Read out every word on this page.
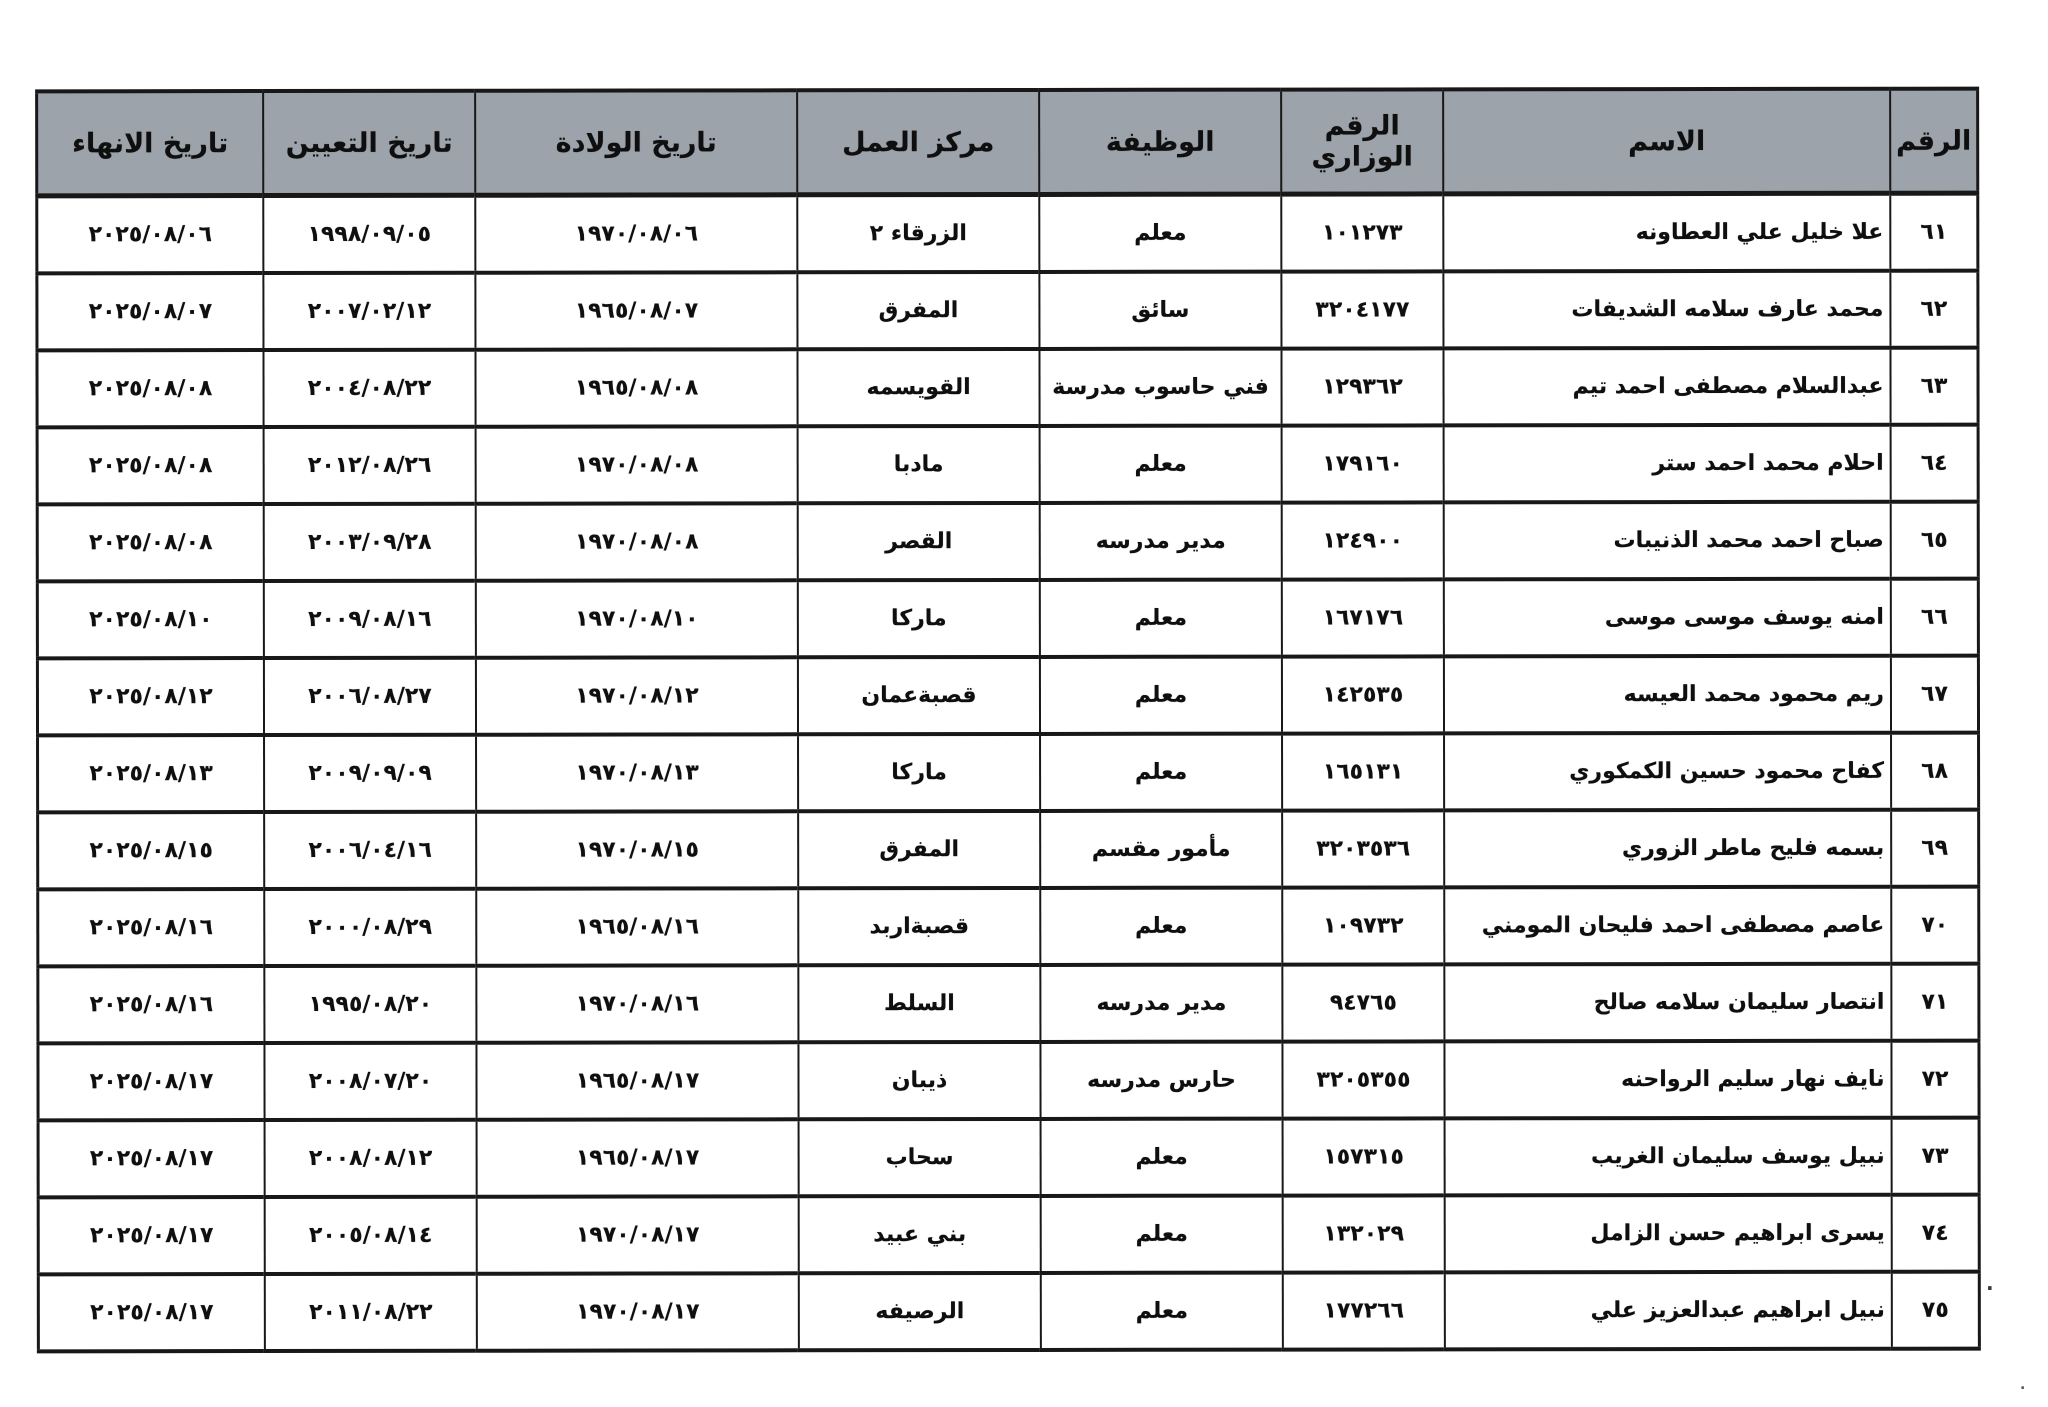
الرقم	الاسم	الرقم الوزاري	الوظيفة	مركز العمل	تاريخ الولادة	تاريخ التعيين	تاريخ الانهاء
٦١	علا خليل علي العطاونه	١٠١٢٧٣	معلم	الزرقاء ٢	١٩٧٠/٠٨/٠٦	١٩٩٨/٠٩/٠٥	٢٠٢٥/٠٨/٠٦
٦٢	محمد عارف سلامه الشديفات	٣٢٠٤١٧٧	سائق	المفرق	١٩٦٥/٠٨/٠٧	٢٠٠٧/٠٢/١٢	٢٠٢٥/٠٨/٠٧
٦٣	عبدالسلام مصطفى احمد تيم	١٢٩٣٦٢	فني حاسوب مدرسة	القويسمه	١٩٦٥/٠٨/٠٨	٢٠٠٤/٠٨/٢٢	٢٠٢٥/٠٨/٠٨
٦٤	احلام محمد احمد ستر	١٧٩١٦٠	معلم	مادبا	١٩٧٠/٠٨/٠٨	٢٠١٢/٠٨/٢٦	٢٠٢٥/٠٨/٠٨
٦٥	صباح احمد محمد الذنيبات	١٢٤٩٠٠	مدير مدرسه	القصر	١٩٧٠/٠٨/٠٨	٢٠٠٣/٠٩/٢٨	٢٠٢٥/٠٨/٠٨
٦٦	امنه يوسف موسى موسى	١٦٧١٧٦	معلم	ماركا	١٩٧٠/٠٨/١٠	٢٠٠٩/٠٨/١٦	٢٠٢٥/٠٨/١٠
٦٧	ريم محمود محمد العيسه	١٤٢٥٣٥	معلم	قصبةعمان	١٩٧٠/٠٨/١٢	٢٠٠٦/٠٨/٢٧	٢٠٢٥/٠٨/١٢
٦٨	كفاح محمود حسين الكمكوري	١٦٥١٣١	معلم	ماركا	١٩٧٠/٠٨/١٣	٢٠٠٩/٠٩/٠٩	٢٠٢٥/٠٨/١٣
٦٩	بسمه فليح ماطر الزوري	٣٢٠٣٥٣٦	مأمور مقسم	المفرق	١٩٧٠/٠٨/١٥	٢٠٠٦/٠٤/١٦	٢٠٢٥/٠٨/١٥
٧٠	عاصم مصطفى احمد فليحان المومني	١٠٩٧٣٢	معلم	قصبةاربد	١٩٦٥/٠٨/١٦	٢٠٠٠/٠٨/٢٩	٢٠٢٥/٠٨/١٦
٧١	انتصار سليمان سلامه صالح	٩٤٧٦٥	مدير مدرسه	السلط	١٩٧٠/٠٨/١٦	١٩٩٥/٠٨/٢٠	٢٠٢٥/٠٨/١٦
٧٢	نايف نهار سليم الرواحنه	٣٢٠٥٣٥٥	حارس مدرسه	ذيبان	١٩٦٥/٠٨/١٧	٢٠٠٨/٠٧/٢٠	٢٠٢٥/٠٨/١٧
٧٣	نبيل يوسف سليمان الغريب	١٥٧٣١٥	معلم	سحاب	١٩٦٥/٠٨/١٧	٢٠٠٨/٠٨/١٢	٢٠٢٥/٠٨/١٧
٧٤	يسرى ابراهيم حسن الزامل	١٣٢٠٢٩	معلم	بني عبيد	١٩٧٠/٠٨/١٧	٢٠٠٥/٠٨/١٤	٢٠٢٥/٠٨/١٧
٧٥	نبيل ابراهيم عبدالعزيز علي	١٧٧٢٦٦	معلم	الرصيفه	١٩٧٠/٠٨/١٧	٢٠١١/٠٨/٢٢	٢٠٢٥/٠٨/١٧
·
.
